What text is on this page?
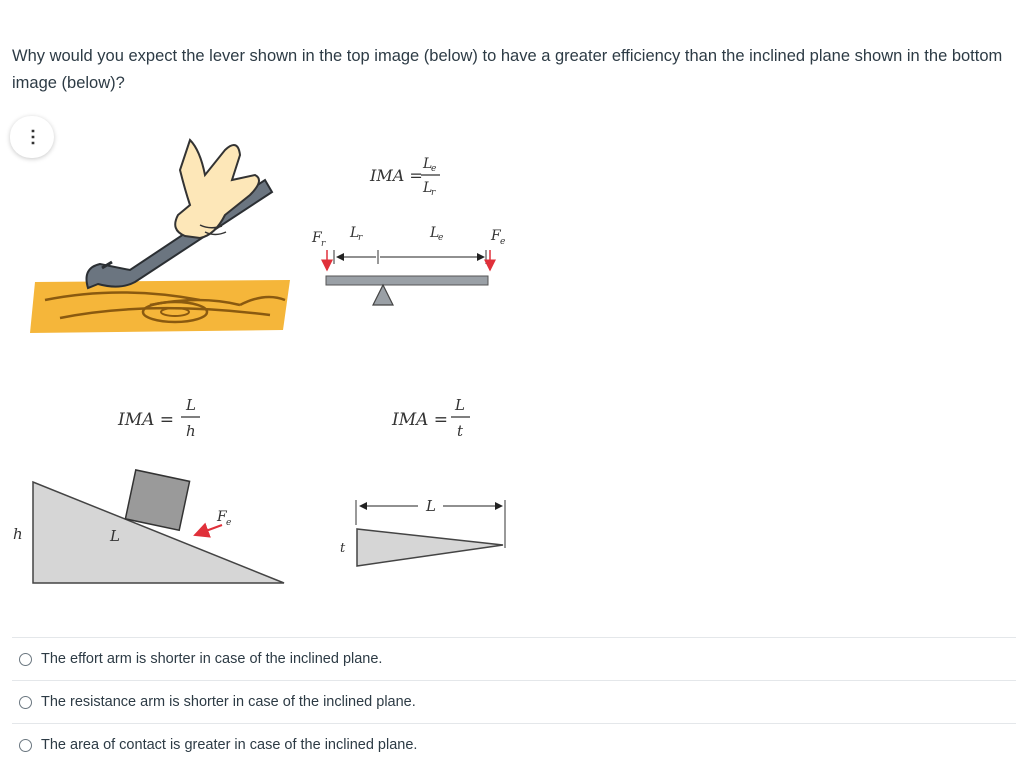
Why would you expect the lever shown in the top image (below) to have a greater efficiency than the inclined plane shown in the bottom image (below)?
⋯
IMA =
L
e
L
r
F r
L
r	L
e	F e
IMA =
L
h
F e
h	L
IMA =
L
t
L
t
The effort arm is shorter in case of the inclined plane.
The resistance arm is shorter in case of the inclined plane.
The area of contact is greater in case of the inclined plane.
